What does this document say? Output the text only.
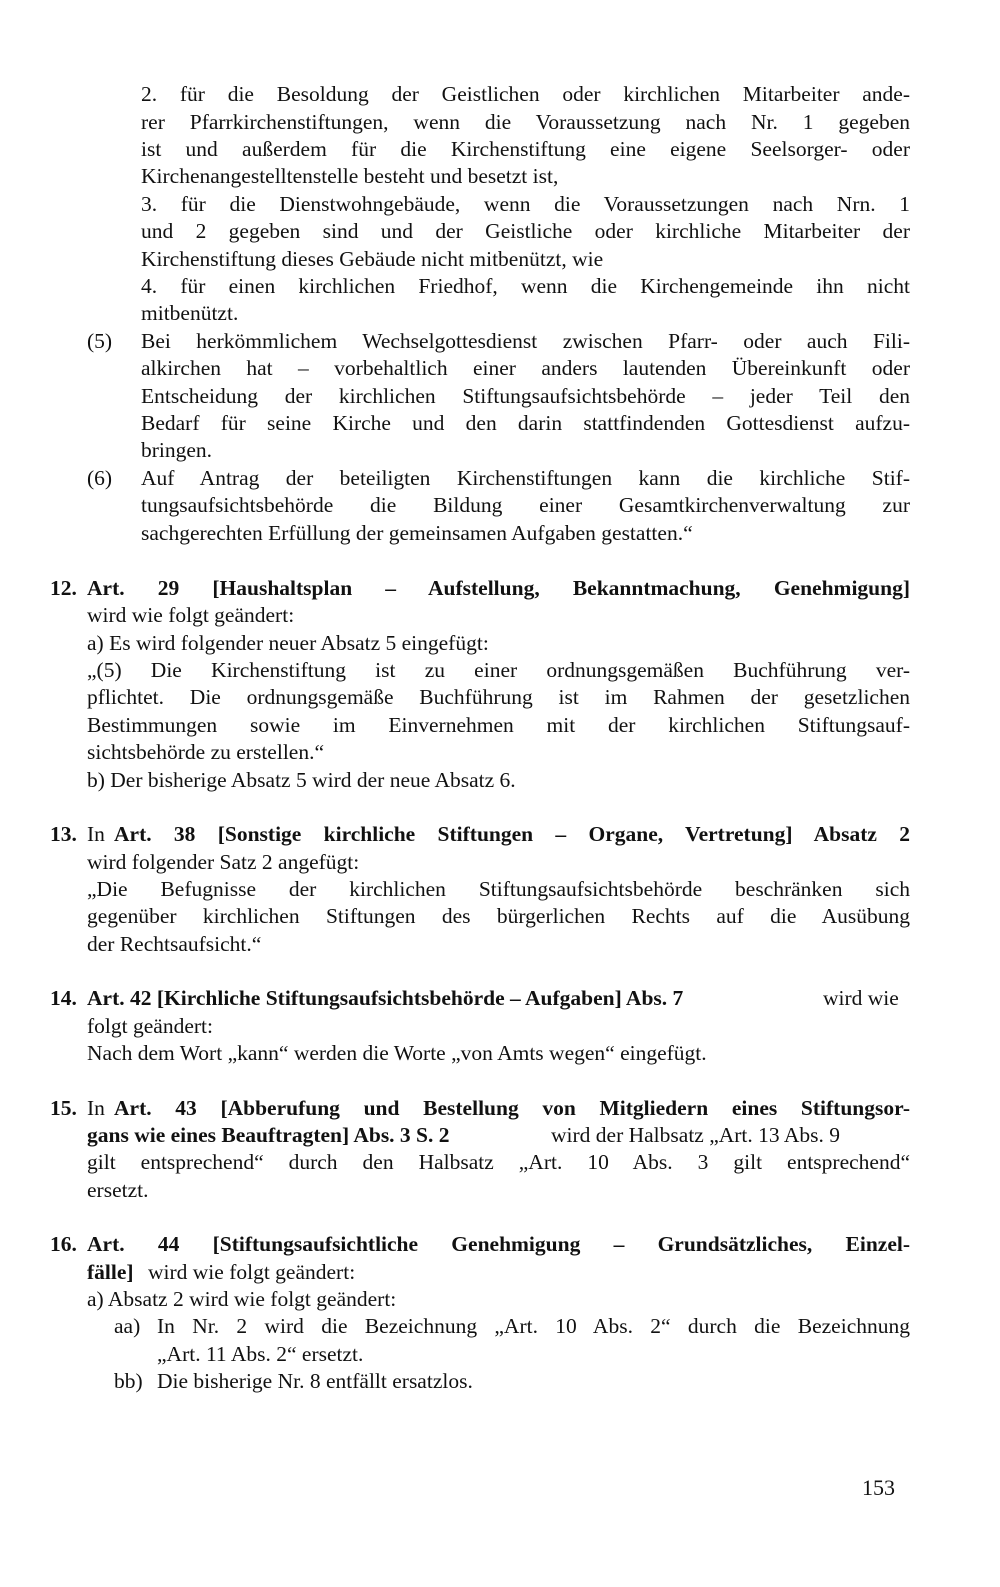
2. für die Besoldung der Geistlichen oder kirchlichen Mitarbeiter ande-
rer Pfarrkirchenstiftungen, wenn die Voraussetzung nach Nr. 1 gegeben
ist und außerdem für die Kirchenstiftung eine eigene Seelsorger- oder
Kirchenangestelltenstelle besteht und besetzt ist,
3. für die Dienstwohngebäude, wenn die Voraussetzungen nach Nrn. 1
und 2 gegeben sind und der Geistliche oder kirchliche Mitarbeiter der
Kirchenstiftung dieses Gebäude nicht mitbenützt, wie
4. für einen kirchlichen Friedhof, wenn die Kirchengemeinde ihn nicht
mitbenützt.
(5) Bei herkömmlichem Wechselgottesdienst zwischen Pfarr- oder auch Fili-
alkirchen hat – vorbehaltlich einer anders lautenden Übereinkunft oder
Entscheidung der kirchlichen Stiftungsaufsichtsbehörde – jeder Teil den
Bedarf für seine Kirche und den darin stattfindenden Gottesdienst aufzu-
bringen.
(6) Auf Antrag der beteiligten Kirchenstiftungen kann die kirchliche Stif-
tungsaufsichtsbehörde die Bildung einer Gesamtkirchenverwaltung zur
sachgerechten Erfüllung der gemeinsamen Aufgaben gestatten.“
12. Art. 29 [Haushaltsplan – Aufstellung, Bekanntmachung, Genehmigung]
wird wie folgt geändert:
a) Es wird folgender neuer Absatz 5 eingefügt:
„(5) Die Kirchenstiftung ist zu einer ordnungsgemäßen Buchführung ver-
pflichtet. Die ordnungsgemäße Buchführung ist im Rahmen der gesetzlichen
Bestimmungen sowie im Einvernehmen mit der kirchlichen Stiftungsauf-
sichtsbehörde zu erstellen.“
b) Der bisherige Absatz 5 wird der neue Absatz 6.
13. In Art. 38 [Sonstige kirchliche Stiftungen – Organe, Vertretung] Absatz 2
wird folgender Satz 2 angefügt:
„Die Befugnisse der kirchlichen Stiftungsaufsichtsbehörde beschränken sich
gegenüber kirchlichen Stiftungen des bürgerlichen Rechts auf die Ausübung
der Rechtsaufsicht.“
14. Art. 42 [Kirchliche Stiftungsaufsichtsbehörde – Aufgaben] Abs. 7	wird wie
folgt geändert:
Nach dem Wort „kann“ werden die Worte „von Amts wegen“ eingefügt.
15. In Art. 43 [Abberufung und Bestellung von Mitgliedern eines Stiftungsor-
gans wie eines Beauftragten] Abs. 3 S. 2	wird der Halbsatz „Art. 13 Abs. 9
gilt entsprechend“ durch den Halbsatz „Art. 10 Abs. 3 gilt entsprechend“
ersetzt.
16. Art. 44 [Stiftungsaufsichtliche Genehmigung – Grundsätzliches, Einzel-
fälle] wird wie folgt geändert:
a) Absatz 2 wird wie folgt geändert:
aa) In Nr. 2 wird die Bezeichnung „Art. 10 Abs. 2“ durch die Bezeichnung
„Art. 11 Abs. 2“ ersetzt.
bb) Die bisherige Nr. 8 entfällt ersatzlos.
153
